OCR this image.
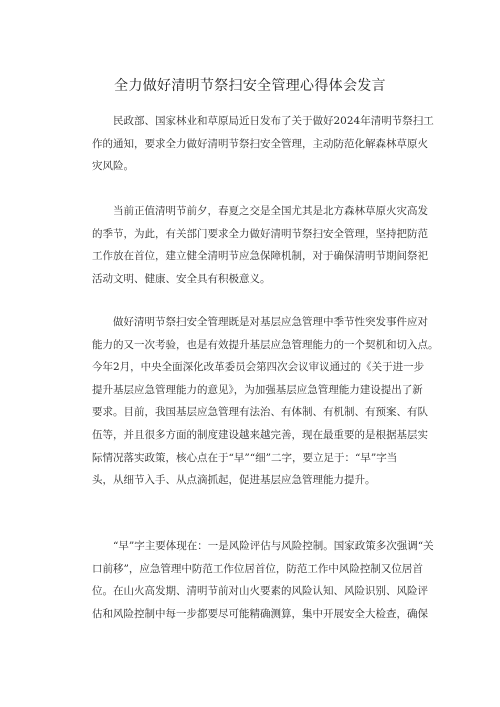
全力做好清明节祭扫安全管理心得体会发言
民政部、国家林业和草原局近日发布了关于做好2024年清明节祭扫工
作的通知，要求全力做好清明节祭扫安全管理，主动防范化解森林草原火
灾风险。
当前正值清明节前夕，春夏之交是全国尤其是北方森林草原火灾高发
的季节，为此，有关部门要求全力做好清明节祭扫安全管理，坚持把防范
工作放在首位，建立健全清明节应急保障机制，对于确保清明节期间祭祀
活动文明、健康、安全具有积极意义。
做好清明节祭扫安全管理既是对基层应急管理中季节性突发事件应对
能力的又一次考验，也是有效提升基层应急管理能力的一个契机和切入点。
今年2月，中央全面深化改革委员会第四次会议审议通过的《关于进一步
提升基层应急管理能力的意见》，为加强基层应急管理能力建设提出了新
要求。目前，我国基层应急管理有法治、有体制、有机制、有预案、有队
伍等，并且很多方面的制度建设越来越完善，现在最重要的是根据基层实
际情况落实政策，核心点在于“早”“细”二字，要立足于：“早”字当
头，从细节入手、从点滴抓起，促进基层应急管理能力提升。
“早”字主要体现在：一是风险评估与风险控制。国家政策多次强调“关
口前移”，应急管理中防范工作位居首位，防范工作中风险控制又位居首
位。在山火高发期、清明节前对山火要素的风险认知、风险识别、风险评
估和风险控制中每一步都要尽可能精确测算，集中开展安全大检查，确保
